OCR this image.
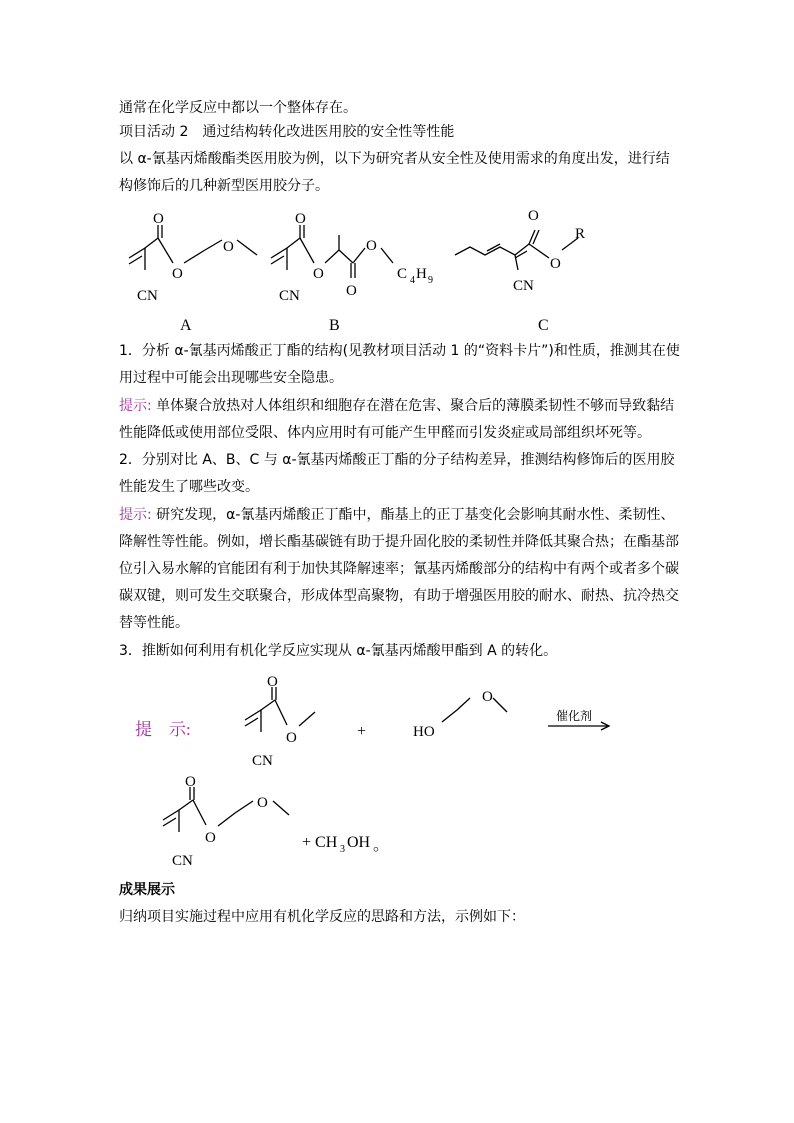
通常在化学反应中都以一个整体存在。
项目活动 2　通过结构转化改进医用胶的安全性等性能
以 α-氰基丙烯酸酯类医用胶为例，以下为研究者从安全性及使用需求的角度出发，进行结
构修饰后的几种新型医用胶分子。
O
O
O
CN
A
O
O
O
O
CN
C 4 H 9
B
O
O
R
CN
C
1．分析 α-氰基丙烯酸正丁酯的结构(见教材项目活动 1 的“资料卡片”)和性质，推测其在使
用过程中可能会出现哪些安全隐患。
提示: 单体聚合放热对人体组织和细胞存在潜在危害、聚合后的薄膜柔韧性不够而导致黏结
性能降低或使用部位受限、体内应用时有可能产生甲醛而引发炎症或局部组织坏死等。
2．分别对比 A、B、C 与 α-氰基丙烯酸正丁酯的分子结构差异，推测结构修饰后的医用胶
性能发生了哪些改变。
提示: 研究发现，α-氰基丙烯酸正丁酯中，酯基上的正丁基变化会影响其耐水性、柔韧性、
降解性等性能。例如，增长酯基碳链有助于提升固化胶的柔韧性并降低其聚合热；在酯基部
位引入易水解的官能团有利于加快其降解速率；氰基丙烯酸部分的结构中有两个或者多个碳
碳双键，则可发生交联聚合，形成体型高聚物，有助于增强医用胶的耐水、耐热、抗冷热交
替等性能。
3．推断如何利用有机化学反应实现从 α-氰基丙烯酸甲酯到 A 的转化。
提　示:
O
O
CN
+	HO
O
催化剂
O
O
O
CN
+ CH 3 OH 。
成果展示
归纳项目实施过程中应用有机化学反应的思路和方法，示例如下：
